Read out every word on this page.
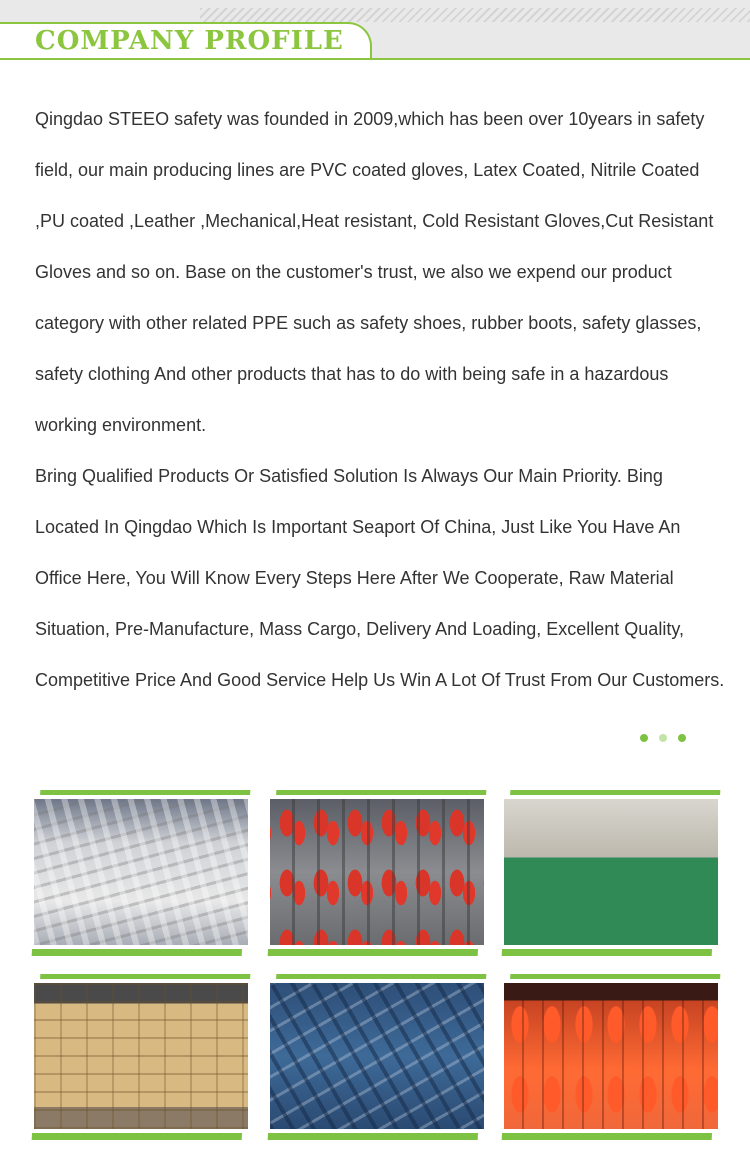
COMPANY PROFILE

Qingdao STEEO safety was founded in 2009,which has been over 10years in safety field, our main producing lines are PVC coated gloves, Latex Coated, Nitrile Coated ,PU coated ,Leather ,Mechanical,Heat resistant, Cold Resistant Gloves,Cut Resistant Gloves and so on. Base on the customer's trust, we also we expend our product category with other related PPE such as safety shoes, rubber boots, safety glasses, safety clothing And other products that has to do with being safe in a hazardous working environment.

Bring Qualified Products Or Satisfied Solution Is Always Our Main Priority. Bing Located In Qingdao Which Is Important Seaport Of China, Just Like You Have An Office Here, You Will Know Every Steps Here After We Cooperate, Raw Material Situation, Pre-Manufacture, Mass Cargo, Delivery And Loading, Excellent Quality, Competitive Price And Good Service Help Us Win A Lot Of Trust From Our Customers.
